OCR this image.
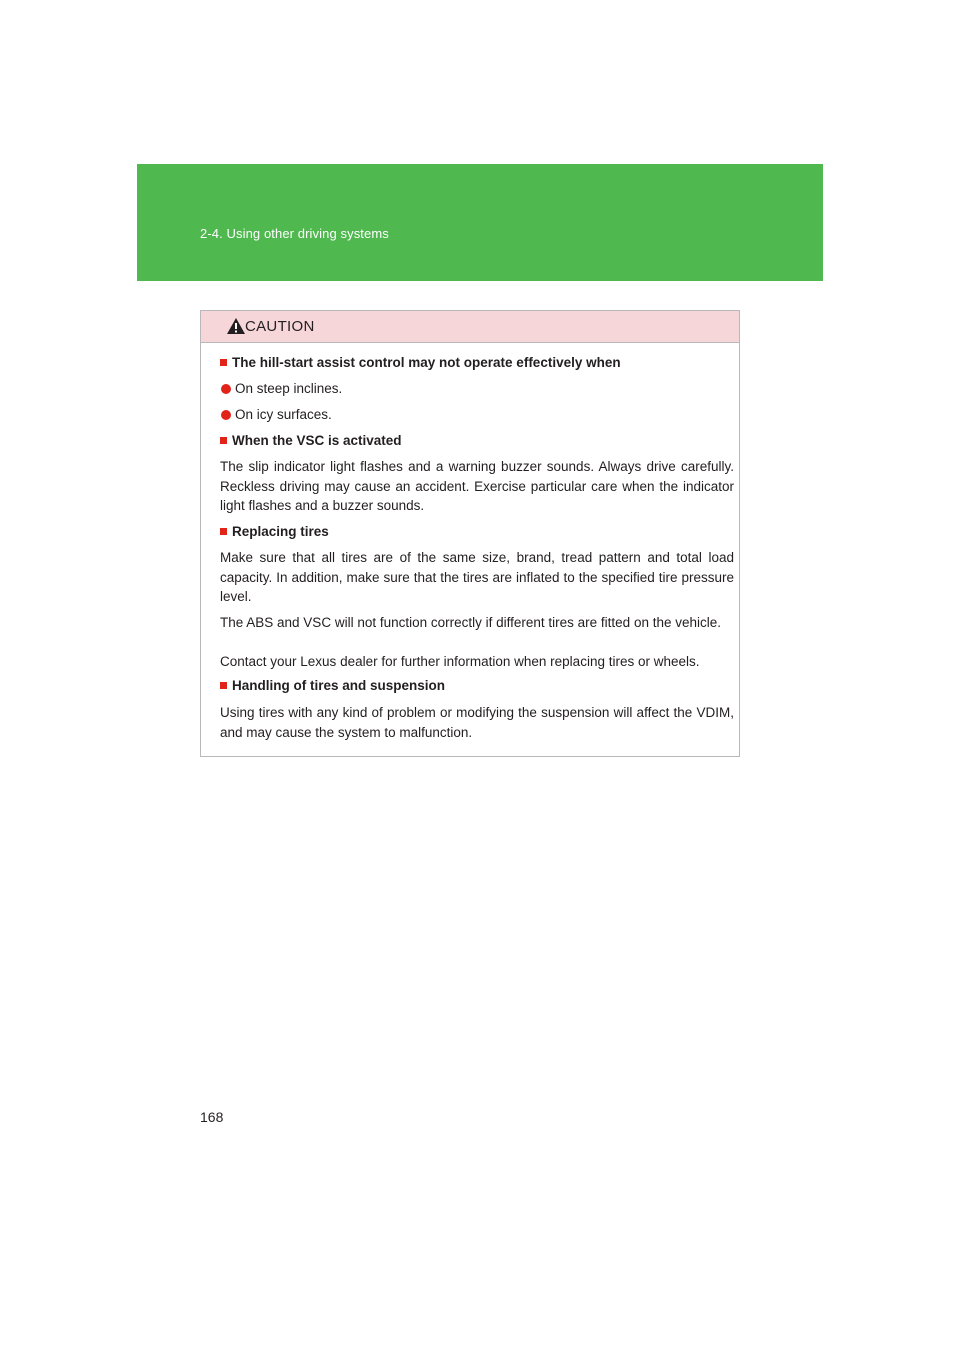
2-4. Using other driving systems
CAUTION
The hill-start assist control may not operate effectively when
On steep inclines.
On icy surfaces.
When the VSC is activated
The slip indicator light flashes and a warning buzzer sounds. Always drive carefully. Reckless driving may cause an accident. Exercise particular care when the indicator light flashes and a buzzer sounds.
Replacing tires
Make sure that all tires are of the same size, brand, tread pattern and total load capacity. In addition, make sure that the tires are inflated to the specified tire pressure level.
The ABS and VSC will not function correctly if different tires are fitted on the vehicle.
Contact your Lexus dealer for further information when replacing tires or wheels.
Handling of tires and suspension
Using tires with any kind of problem or modifying the suspension will affect the VDIM, and may cause the system to malfunction.
168
